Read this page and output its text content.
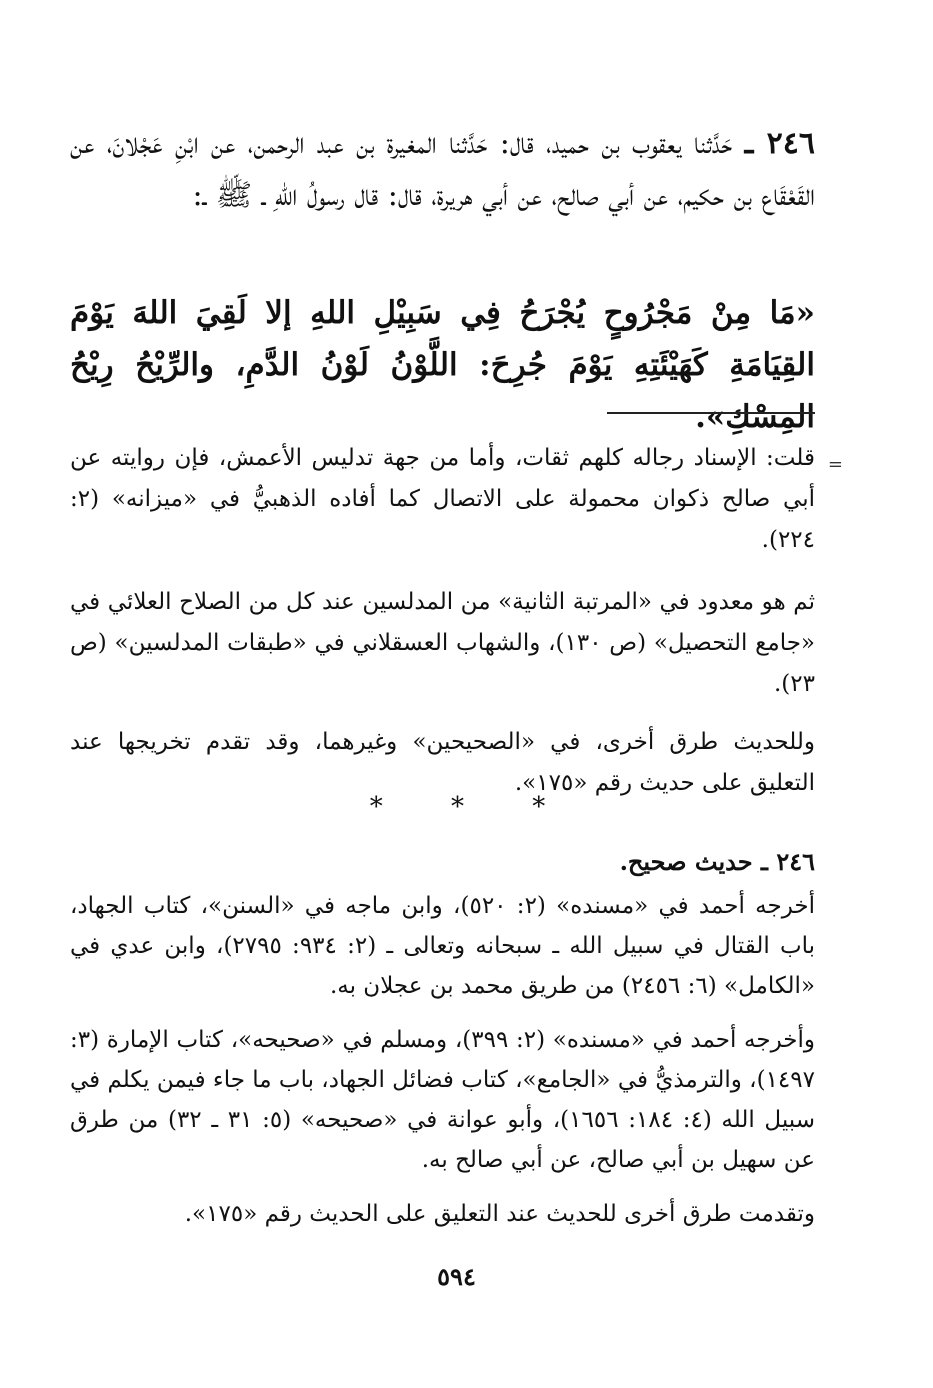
٢٤٦ ـ حَدَّثنا يعقوب بن حميد، قال: حَدَّثنا المغيرة بن عبد الرحمن، عن ابْنِ عَجْلانَ، عن القَعْقَاع بن حكيم، عن أبي صالح، عن أبي هريرة، قال: قال رسولُ اللهِ ـ ﷺ ـ:
«مَا مِنْ مَجْرُوحٍ يُجْرَحُ فِي سَبِيْلِ اللهِ إلا لَقِيَ اللهَ يَوْمَ القِيَامَةِ كَهَيْئَتِهِ يَوْمَ جُرِحَ: اللَّوْنُ لَوْنُ الدَّمِ، والرِّيْحُ رِيْحُ المِسْكِ».
=

قلت: الإسناد رجاله كلهم ثقات، وأما من جهة تدليس الأعمش، فإن روايته عن أبي صالح ذكوان محمولة على الاتصال كما أفاده الذهبيُّ في «ميزانه» (٢: ٢٢٤).

ثم هو معدود في «المرتبة الثانية» من المدلسين عند كل من الصلاح العلائي في «جامع التحصيل» (ص ١٣٠)، والشهاب العسقلاني في «طبقات المدلسين» (ص ٢٣).

وللحديث طرق أخرى، في «الصحيحين» وغيرهما، وقد تقدم تخريجها عند التعليق على حديث رقم «١٧٥».

*	*	*

٢٤٦ ـ حديث صحيح.

أخرجه أحمد في «مسنده» (٢: ٥٢٠)، وابن ماجه في «السنن»، كتاب الجهاد، باب القتال في سبيل الله ـ سبحانه وتعالى ـ (٢: ٩٣٤: ٢٧٩٥)، وابن عدي في «الكامل» (٦: ٢٤٥٦) من طريق محمد بن عجلان به.

وأخرجه أحمد في «مسنده» (٢: ٣٩٩)، ومسلم في «صحيحه»، كتاب الإمارة (٣: ١٤٩٧)، والترمذيُّ في «الجامع»، كتاب فضائل الجهاد، باب ما جاء فيمن يكلم في سبيل الله (٤: ١٨٤: ١٦٥٦)، وأبو عوانة في «صحيحه» (٥: ٣١ ـ ٣٢) من طرق عن سهيل بن أبي صالح، عن أبي صالح به.

وتقدمت طرق أخرى للحديث عند التعليق على الحديث رقم «١٧٥».

٥٩٤
